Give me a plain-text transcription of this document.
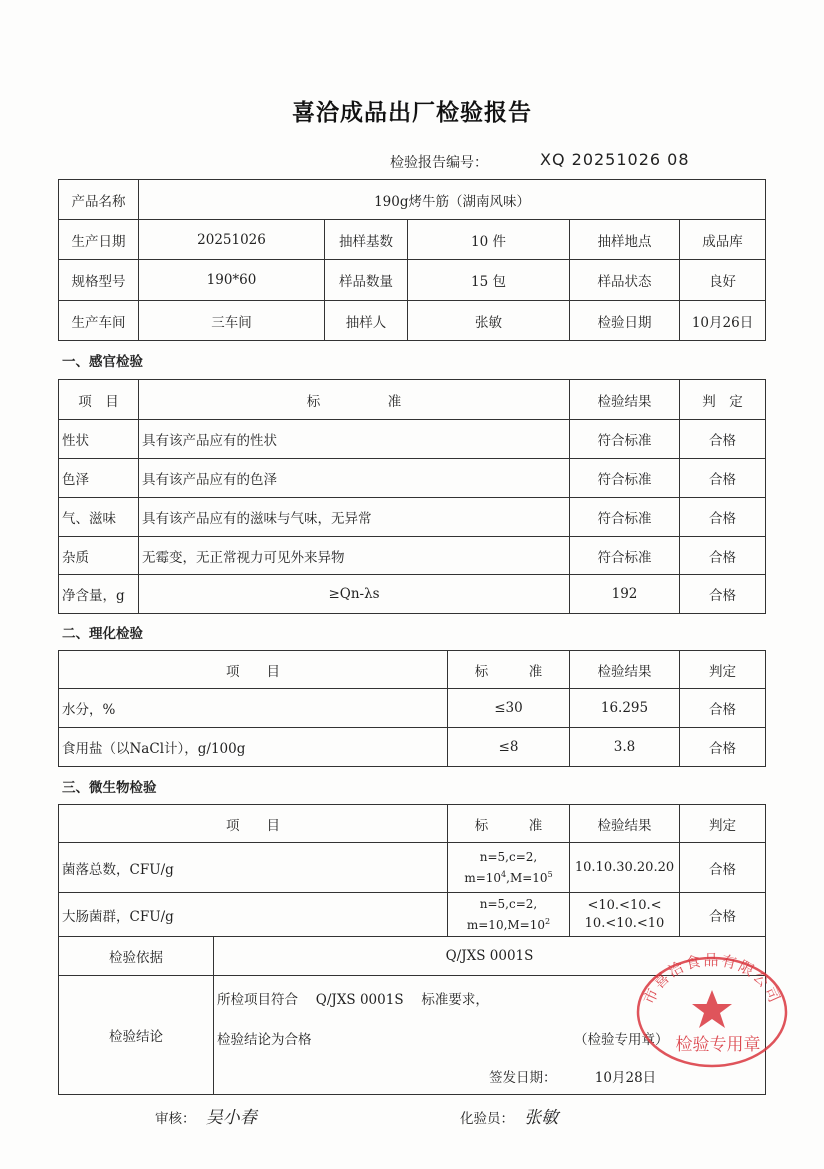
喜洽成品出厂检验报告
检验报告编号：	XQ 20251026 08
产品名称	190g烤牛筋（湖南风味）				
生产日期	20251026	抽样基数	10 件	抽样地点	成品库
规格型号	190*60	样品数量	15 包	样品状态	良好
生产车间	三车间	抽样人	张敏	检验日期	10月26日
一、感官检验
项　目	标　　　　　准	检验结果	判　定
性状	具有该产品应有的性状	符合标准	合格
色泽	具有该产品应有的色泽	符合标准	合格
气、滋味	具有该产品应有的滋味与气味，无异常	符合标准	合格
杂质	无霉变，无正常视力可见外来异物	符合标准	合格
净含量，g	≥Qn-λs	192	合格
二、理化检验
项　　目	标　　　准	检验结果	判定
水分，%	≤30	16.295	合格
食用盐（以NaCl计），g/100g	≤8	3.8	合格
三、微生物检验
项　　目	标　　　准	检验结果	判定
菌落总数，CFU/g	n=5,c=2,
$m=10^4,M=10^5$	10.10.30.20.20	合格
大肠菌群，CFU/g	n=5,c=2,
$m=10,M=10^2$	<10.<10.<
10.<10.<10	合格
检验依据	Q/JXS 0001S
检验结论	所检项目符合　 Q/JXS 0001S　 标准要求，
检验结论为合格 （检验专用章）
签发日期： 10月28日
市喜洽食品有限公司
检验专用章
审核： 吴小春	化验员： 张敏
